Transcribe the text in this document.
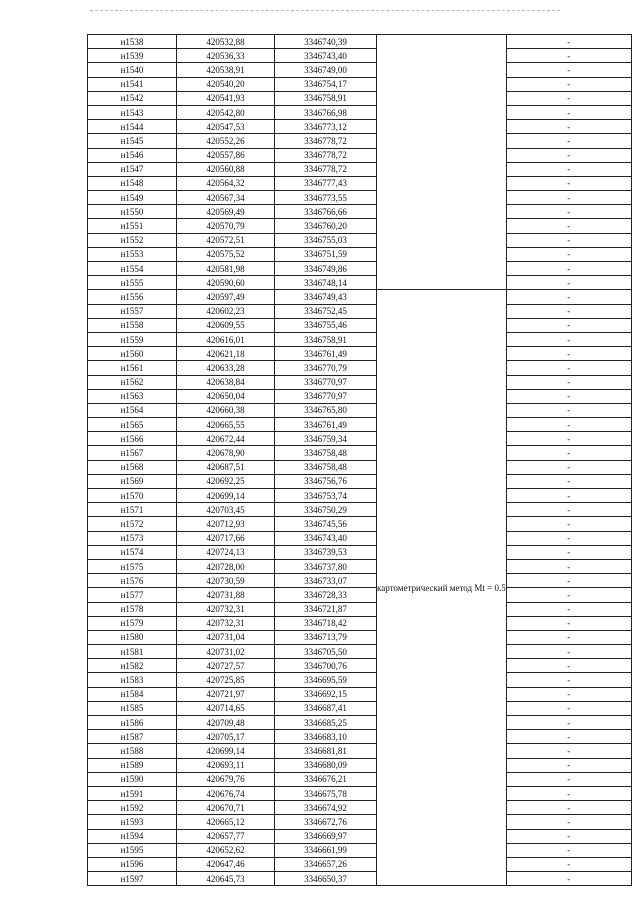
н1538	420532,88	3346740,39		-
н1539	420536,33	3346743,40		-
н1540	420538,91	3346749,00		-
н1541	420540,20	3346754,17		-
н1542	420541,93	3346758,91		-
н1543	420542,80	3346766,98		-
н1544	420547,53	3346773,12		-
н1545	420552,26	3346778,72		-
н1546	420557,86	3346778,72		-
н1547	420560,88	3346778,72		-
н1548	420564,32	3346777,43		-
н1549	420567,34	3346773,55		-
н1550	420569,49	3346766,66		-
н1551	420570,79	3346760,20		-
н1552	420572,51	3346755,03		-
н1553	420575,52	3346751,59		-
н1554	420581,98	3346749,86		-
н1555	420590,60	3346748,14		-
н1556	420597,49	3346749,43	картометрический метод Mt = 0.5	-
н1557	420602,23	3346752,45		-
н1558	420609,55	3346755,46		-
н1559	420616,01	3346758,91		-
н1560	420621,18	3346761,49		-
н1561	420633,28	3346770,79		-
н1562	420638,84	3346770,97		-
н1563	420650,04	3346770,97		-
н1564	420660,38	3346765,80		-
н1565	420665,55	3346761,49		-
н1566	420672,44	3346759,34		-
н1567	420678,90	3346758,48		-
н1568	420687,51	3346758,48		-
н1569	420692,25	3346756,76		-
н1570	420699,14	3346753,74		-
н1571	420703,45	3346750,29		-
н1572	420712,93	3346745,56		-
н1573	420717,66	3346743,40		-
н1574	420724,13	3346739,53		-
н1575	420728,00	3346737,80		-
н1576	420730,59	3346733,07		-
н1577	420731,88	3346728,33		-
н1578	420732,31	3346721,87		-
н1579	420732,31	3346718,42		-
н1580	420731,04	3346713,79		-
н1581	420731,02	3346705,50		-
н1582	420727,57	3346700,76		-
н1583	420725,85	3346695,59		-
н1584	420721,97	3346692,15		-
н1585	420714,65	3346687,41		-
н1586	420709,48	3346685,25		-
н1587	420705,17	3346683,10		-
н1588	420699,14	3346681,81		-
н1589	420693,11	3346680,09		-
н1590	420679,76	3346676,21		-
н1591	420676,74	3346675,78		-
н1592	420670,71	3346674,92		-
н1593	420665,12	3346672,76		-
н1594	420657,77	3346669,97		-
н1595	420652,62	3346661,99		-
н1596	420647,46	3346657,26		-
н1597	420645,73	3346650,37		-
